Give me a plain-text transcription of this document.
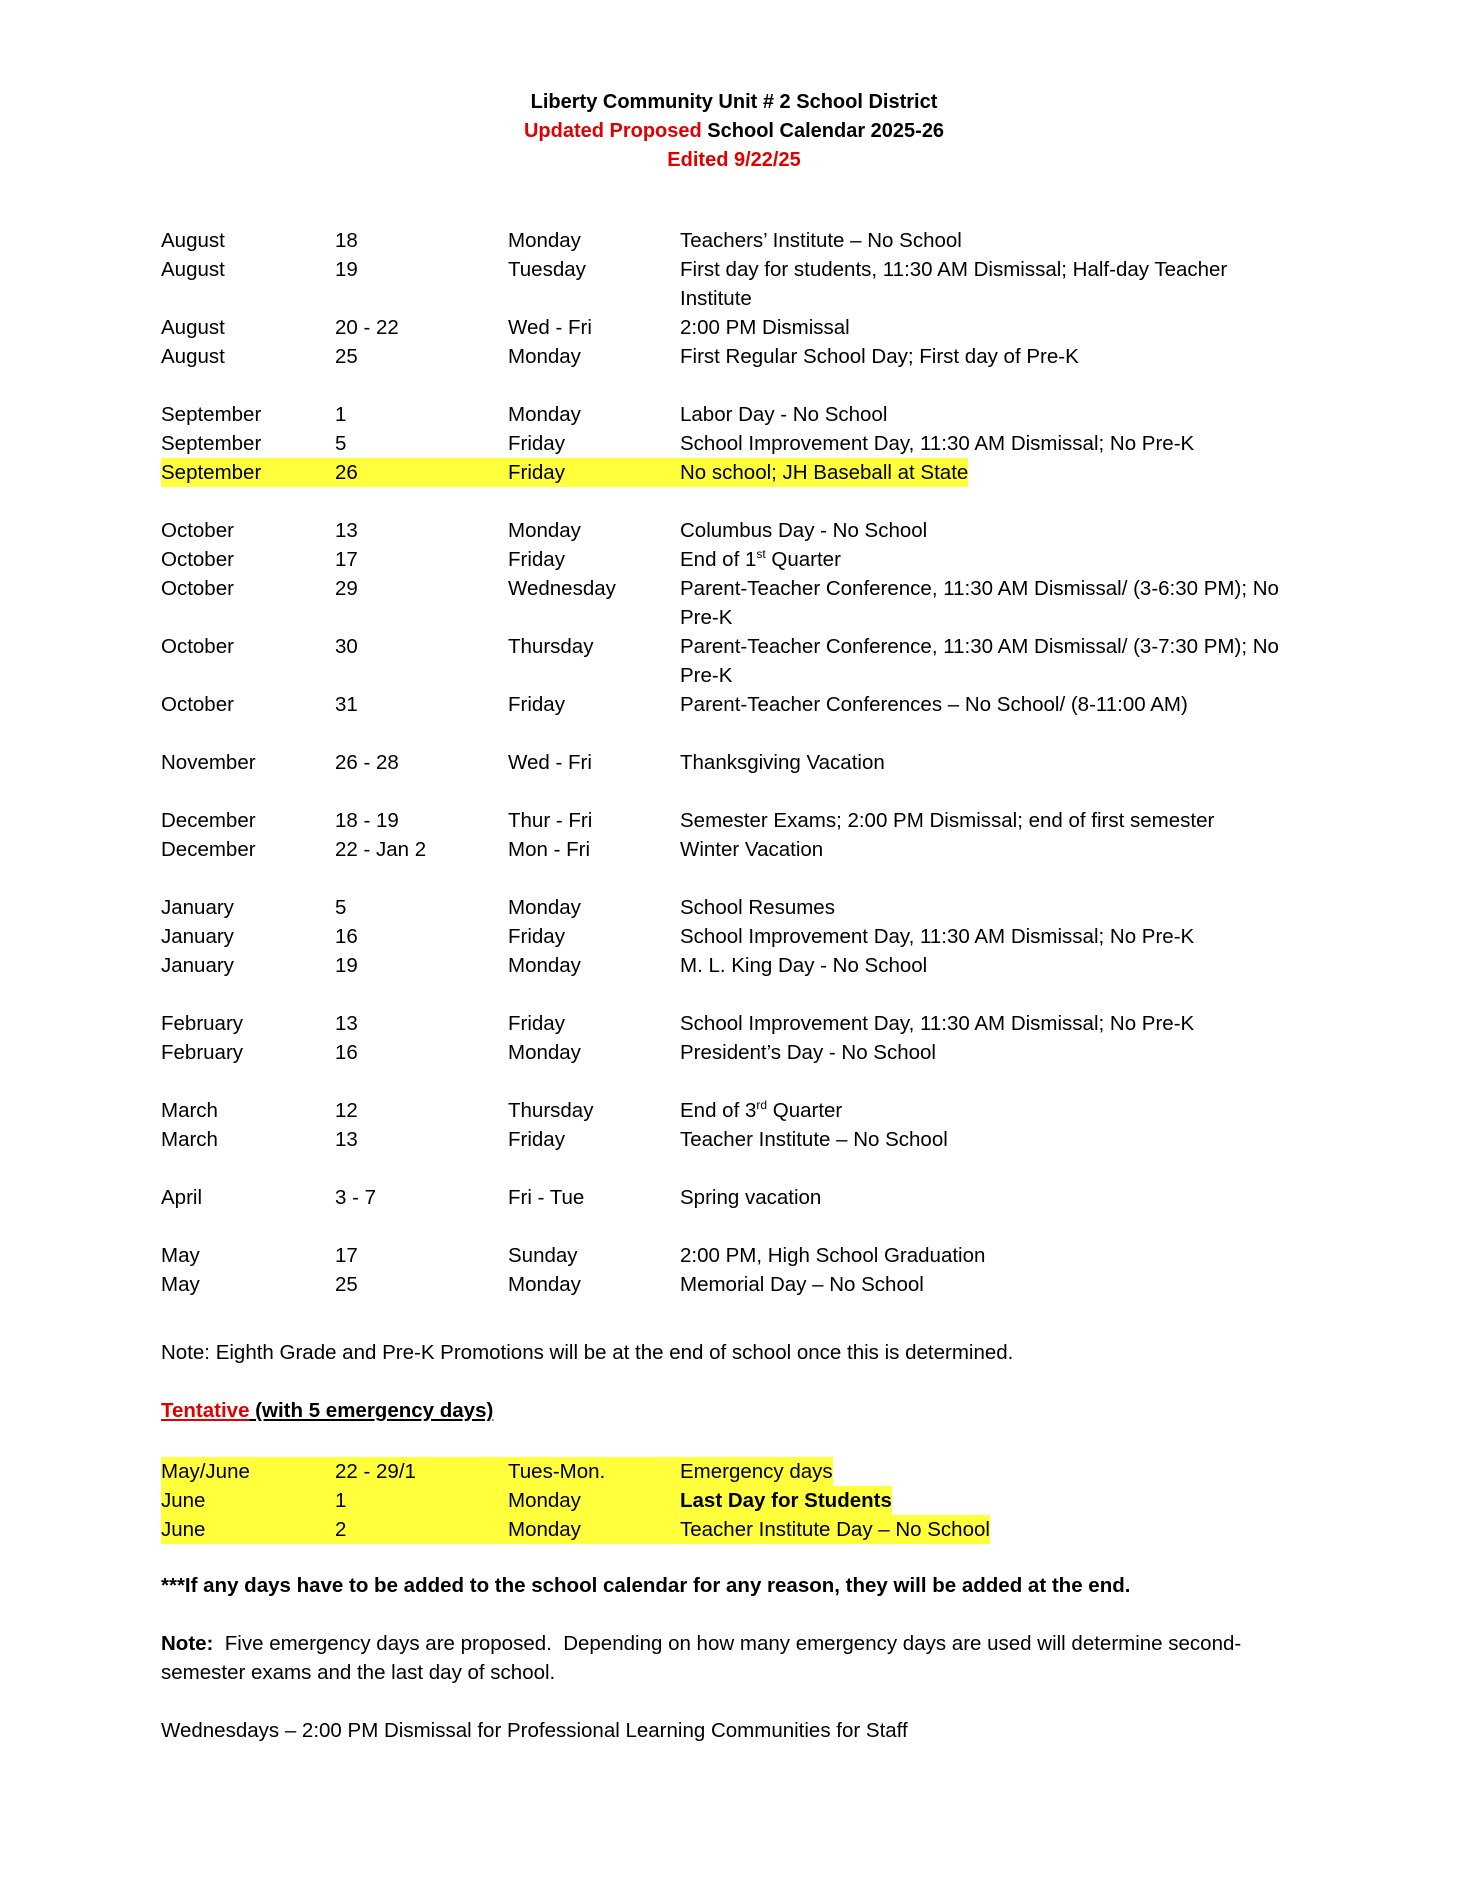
Liberty Community Unit # 2 School District
Updated Proposed School Calendar 2025-26
Edited 9/22/25
August	18	Monday	Teachers’ Institute – No School
August	19	Tuesday	First day for students, 11:30 AM Dismissal; Half-day Teacher Institute
August	20 - 22	Wed - Fri	2:00 PM Dismissal
August	25	Monday	First Regular School Day; First day of Pre-K
September	1	Monday	Labor Day - No School
September	5	Friday	School Improvement Day, 11:30 AM Dismissal; No Pre-K
September	26	Friday	No school; JH Baseball at State
October	13	Monday	Columbus Day - No School
October	17	Friday	End of 1st Quarter
October	29	Wednesday	Parent-Teacher Conference, 11:30 AM Dismissal/ (3-6:30 PM); No Pre-K
October	30	Thursday	Parent-Teacher Conference, 11:30 AM Dismissal/ (3-7:30 PM); No Pre-K
October	31	Friday	Parent-Teacher Conferences – No School/ (8-11:00 AM)
November	26 - 28	Wed - Fri	Thanksgiving Vacation
December	18 - 19	Thur - Fri	Semester Exams; 2:00 PM Dismissal; end of first semester
December	22 - Jan 2	Mon - Fri	Winter Vacation
January	5	Monday	School Resumes
January	16	Friday	School Improvement Day, 11:30 AM Dismissal; No Pre-K
January	19	Monday	M. L. King Day - No School
February	13	Friday	School Improvement Day, 11:30 AM Dismissal; No Pre-K
February	16	Monday	President’s Day - No School
March	12	Thursday	End of 3rd Quarter
March	13	Friday	Teacher Institute – No School
April	3 - 7	Fri - Tue	Spring vacation
May	17	Sunday	2:00 PM, High School Graduation
May	25	Monday	Memorial Day – No School
Note: Eighth Grade and Pre-K Promotions will be at the end of school once this is determined.
Tentative (with 5 emergency days)
May/June	22 - 29/1	Tues-Mon.	Emergency days
June	1	Monday	Last Day for Students
June	2	Monday	Teacher Institute Day – No School
***If any days have to be added to the school calendar for any reason, they will be added at the end.
Note:  Five emergency days are proposed.  Depending on how many emergency days are used will determine second-semester exams and the last day of school.
Wednesdays – 2:00 PM Dismissal for Professional Learning Communities for Staff
